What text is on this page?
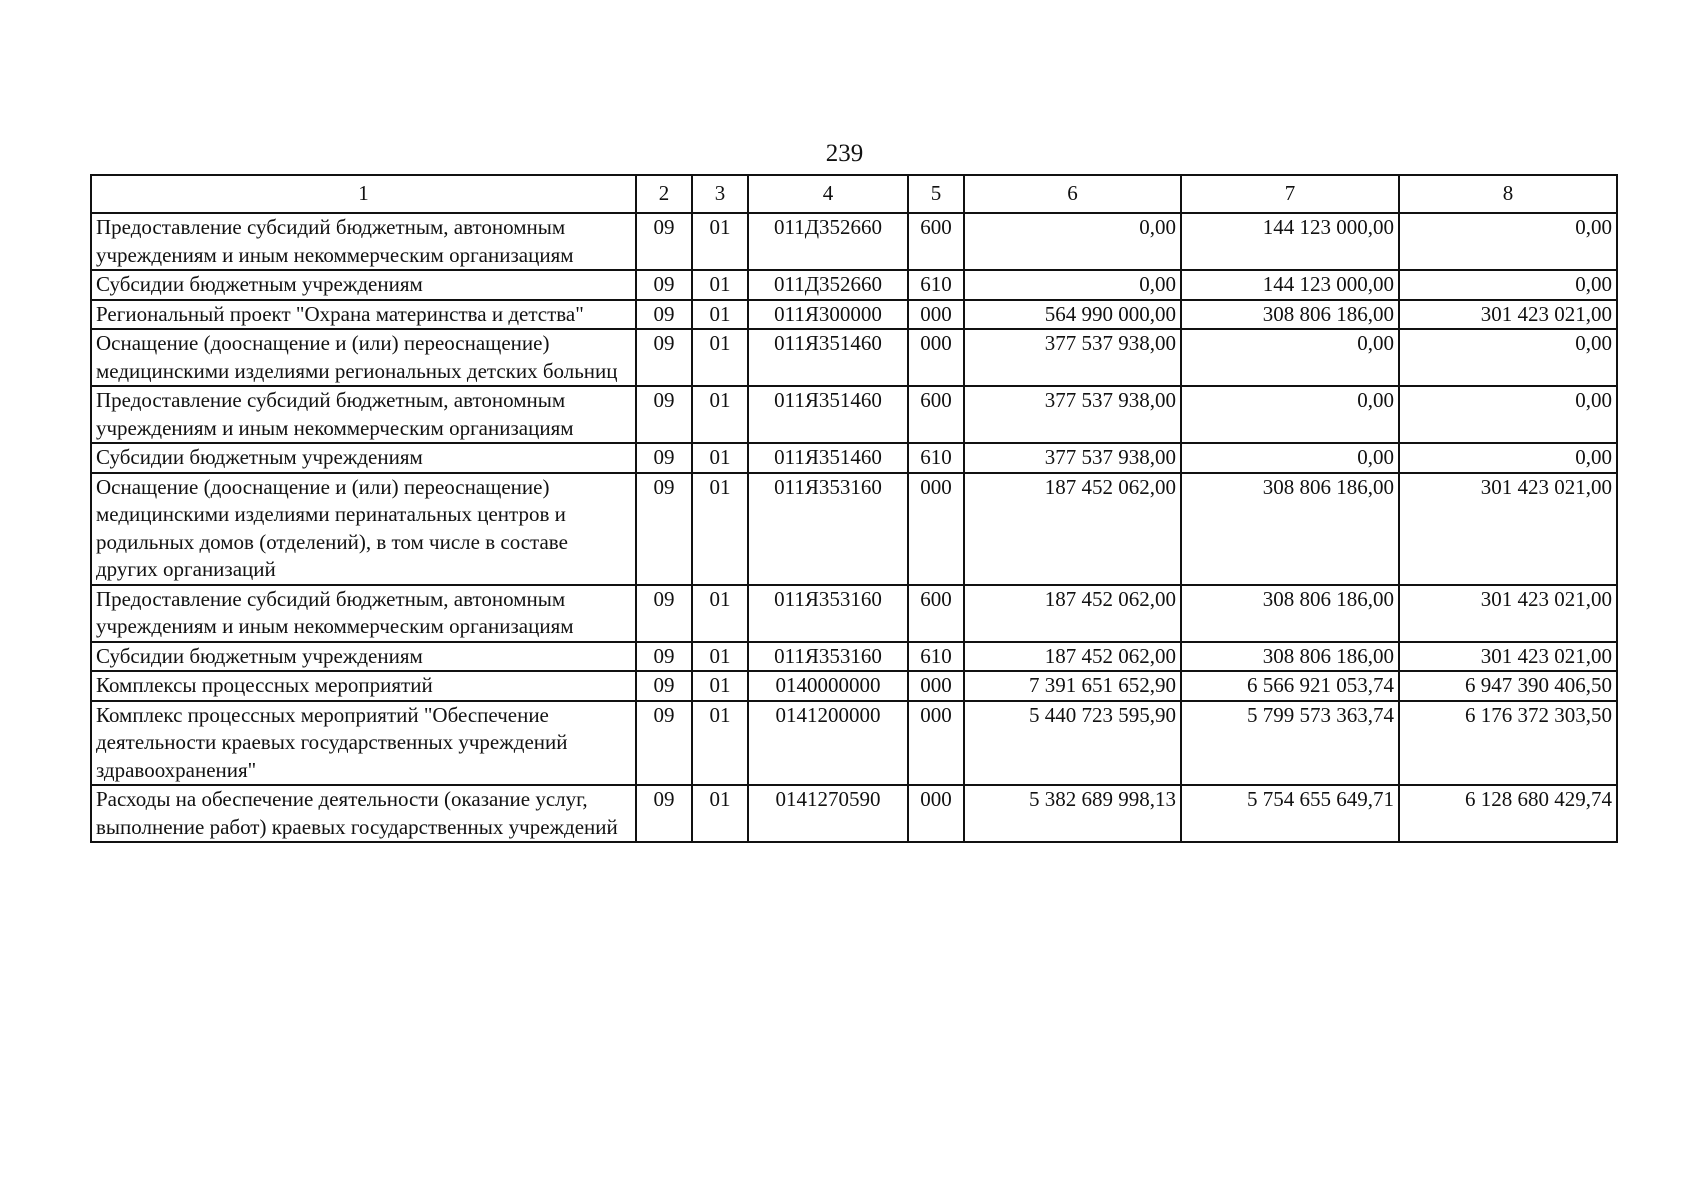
239
1	2	3	4	5	6	7	8
Предоставление субсидий бюджетным, автономным учреждениям и иным некоммерческим организациям	09	01	011Д352660	600	0,00	144 123 000,00	0,00
Субсидии бюджетным учреждениям	09	01	011Д352660	610	0,00	144 123 000,00	0,00
Региональный проект "Охрана материнства и детства"	09	01	011Я300000	000	564 990 000,00	308 806 186,00	301 423 021,00
Оснащение (дооснащение и (или) переоснащение) медицинскими изделиями региональных детских больниц	09	01	011Я351460	000	377 537 938,00	0,00	0,00
Предоставление субсидий бюджетным, автономным учреждениям и иным некоммерческим организациям	09	01	011Я351460	600	377 537 938,00	0,00	0,00
Субсидии бюджетным учреждениям	09	01	011Я351460	610	377 537 938,00	0,00	0,00
Оснащение (дооснащение и (или) переоснащение) медицинскими изделиями перинатальных центров и родильных домов (отделений), в том числе в составе других организаций	09	01	011Я353160	000	187 452 062,00	308 806 186,00	301 423 021,00
Предоставление субсидий бюджетным, автономным учреждениям и иным некоммерческим организациям	09	01	011Я353160	600	187 452 062,00	308 806 186,00	301 423 021,00
Субсидии бюджетным учреждениям	09	01	011Я353160	610	187 452 062,00	308 806 186,00	301 423 021,00
Комплексы процессных мероприятий	09	01	0140000000	000	7 391 651 652,90	6 566 921 053,74	6 947 390 406,50
Комплекс процессных мероприятий "Обеспечение деятельности краевых государственных учреждений здравоохранения"	09	01	0141200000	000	5 440 723 595,90	5 799 573 363,74	6 176 372 303,50
Расходы на обеспечение деятельности (оказание услуг, выполнение работ) краевых государственных учреждений	09	01	0141270590	000	5 382 689 998,13	5 754 655 649,71	6 128 680 429,74
